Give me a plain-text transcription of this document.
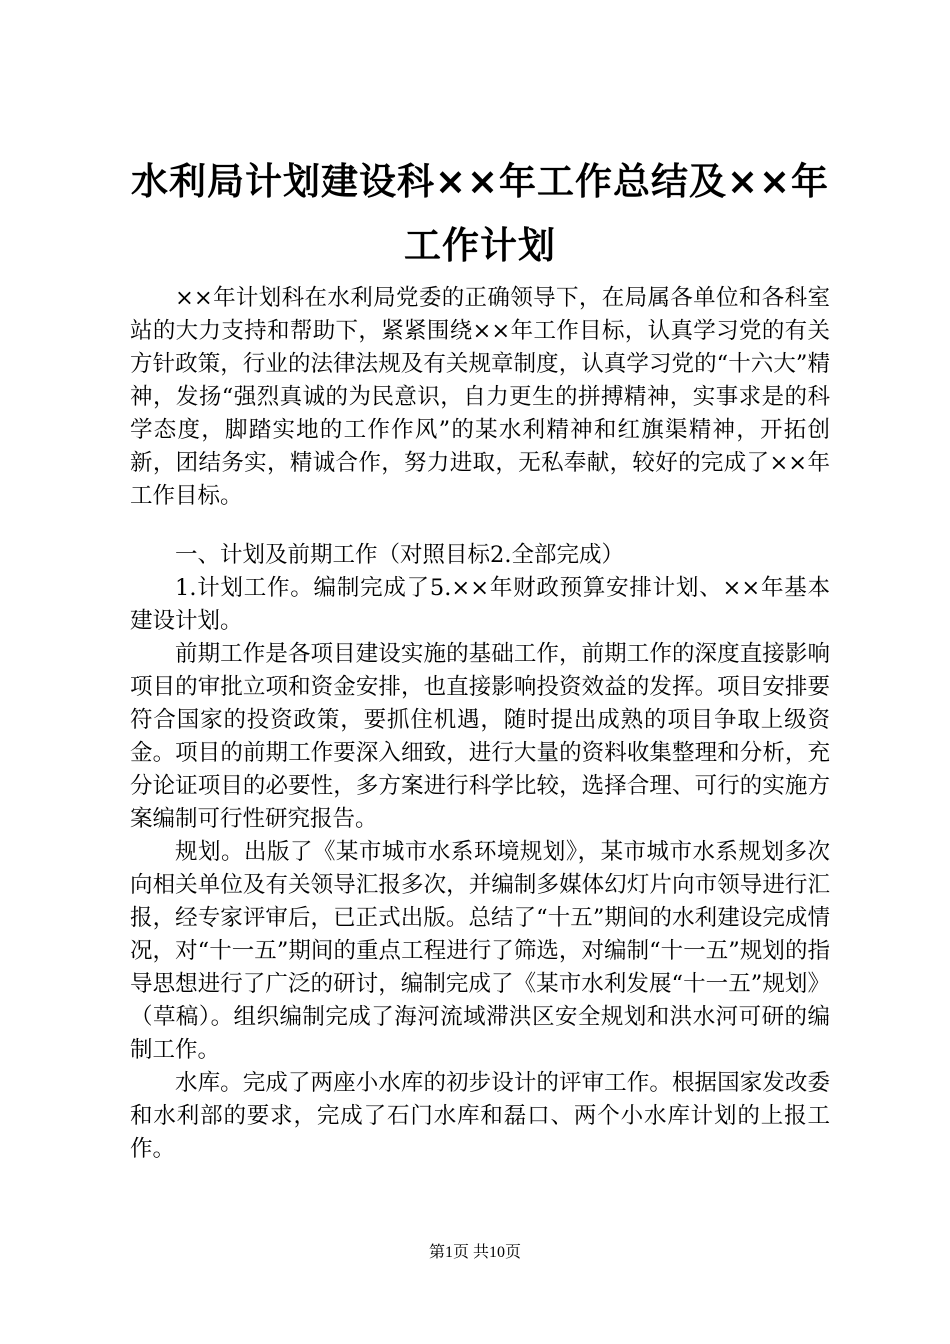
水利局计划建设科××年工作总结及××年工作计划

××年计划科在水利局党委的正确领导下，在局属各单位和各科室站的大力支持和帮助下，紧紧围绕××年工作目标，认真学习党的有关方针政策，行业的法律法规及有关规章制度，认真学习党的“十六大”精神，发扬“强烈真诚的为民意识，自力更生的拼搏精神，实事求是的科学态度，脚踏实地的工作作风”的某水利精神和红旗渠精神，开拓创新，团结务实，精诚合作，努力进取，无私奉献，较好的完成了××年工作目标。

一、计划及前期工作（对照目标2.全部完成）

1.计划工作。编制完成了5.××年财政预算安排计划、××年基本建设计划。

前期工作是各项目建设实施的基础工作，前期工作的深度直接影响项目的审批立项和资金安排，也直接影响投资效益的发挥。项目安排要符合国家的投资政策，要抓住机遇，随时提出成熟的项目争取上级资金。项目的前期工作要深入细致，进行大量的资料收集整理和分析，充分论证项目的必要性，多方案进行科学比较，选择合理、可行的实施方案编制可行性研究报告。

规划。出版了《某市城市水系环境规划》，某市城市水系规划多次向相关单位及有关领导汇报多次，并编制多媒体幻灯片向市领导进行汇报，经专家评审后，已正式出版。总结了“十五”期间的水利建设完成情况，对“十一五”期间的重点工程进行了筛选，对编制“十一五”规划的指导思想进行了广泛的研讨，编制完成了《某市水利发展“十一五”规划》（草稿）。组织编制完成了海河流域滞洪区安全规划和洪水河可研的编制工作。

水库。完成了两座小水库的初步设计的评审工作。根据国家发改委和水利部的要求，完成了石门水库和磊口、两个小水库计划的上报工作。

第1页 共10页
